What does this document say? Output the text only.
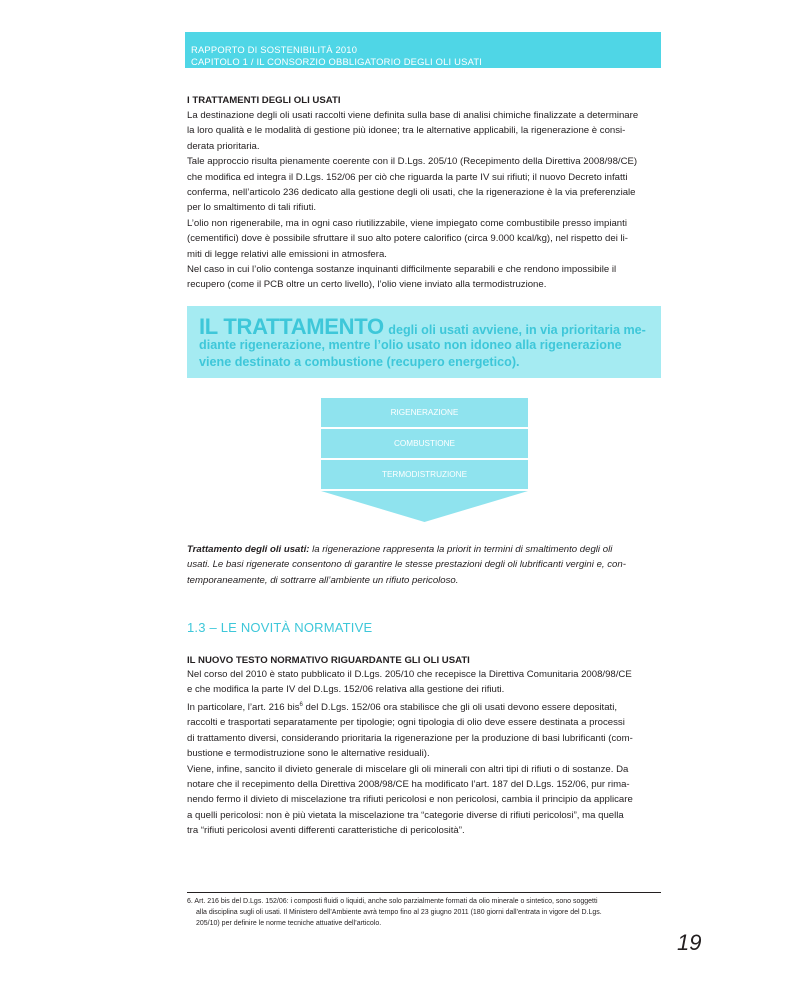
RAPPORTO DI SOSTENIBILITÀ 2010
CAPITOLO 1 / IL CONSORZIO OBBLIGATORIO DEGLI OLI USATI
I TRATTAMENTI DEGLI OLI USATI
La destinazione degli oli usati raccolti viene definita sulla base di analisi chimiche finalizzate a determinare
la loro qualità e le modalità di gestione più idonee; tra le alternative applicabili, la rigenerazione è consi-
derata prioritaria.
Tale approccio risulta pienamente coerente con il D.Lgs. 205/10 (Recepimento della Direttiva 2008/98/CE)
che modifica ed integra il D.Lgs. 152/06 per ciò che riguarda la parte IV sui rifiuti; il nuovo Decreto infatti
conferma, nell’articolo 236 dedicato alla gestione degli oli usati, che la rigenerazione è la via preferenziale
per lo smaltimento di tali rifiuti.
L’olio non rigenerabile, ma in ogni caso riutilizzabile, viene impiegato come combustibile presso impianti
(cementifici) dove è possibile sfruttare il suo alto potere calorifico (circa 9.000 kcal/kg), nel rispetto dei li-
miti di legge relativi alle emissioni in atmosfera.
Nel caso in cui l’olio contenga sostanze inquinanti difficilmente separabili e che rendono impossibile il
recupero (come il PCB oltre un certo livello), l’olio viene inviato alla termodistruzione.
IL TRATTAMENTO degli oli usati avviene, in via prioritaria me-
diante rigenerazione, mentre l’olio usato non idoneo alla rigenerazione
viene destinato a combustione (recupero energetico).
RIGENERAZIONE
COMBUSTIONE
TERMODISTRUZIONE
Trattamento degli oli usati: la rigenerazione rappresenta la priorit in termini di smaltimento degli oli
usati. Le basi rigenerate consentono di garantire le stesse prestazioni degli oli lubrificanti vergini e, con-
temporaneamente, di sottrarre all’ambiente un rifiuto pericoloso.
1.3 – LE NOVITÀ NORMATIVE
IL NUOVO TESTO NORMATIVO RIGUARDANTE GLI OLI USATI
Nel corso del 2010 è stato pubblicato il D.Lgs. 205/10 che recepisce la Direttiva Comunitaria 2008/98/CE
e che modifica la parte IV del D.Lgs. 152/06 relativa alla gestione dei rifiuti.
In particolare, l’art. 216 bis$^6$ del D.Lgs. 152/06 ora stabilisce che gli oli usati devono essere depositati,
raccolti e trasportati separatamente per tipologie; ogni tipologia di olio deve essere destinata a processi
di trattamento diversi, considerando prioritaria la rigenerazione per la produzione di basi lubrificanti (com-
bustione e termodistruzione sono le alternative residuali).
Viene, infine, sancito il divieto generale di miscelare gli oli minerali con altri tipi di rifiuti o di sostanze. Da
notare che il recepimento della Direttiva 2008/98/CE ha modificato l’art. 187 del D.Lgs. 152/06, pur rima-
nendo fermo il divieto di miscelazione tra rifiuti pericolosi e non pericolosi, cambia il principio da applicare
a quelli pericolosi: non è più vietata la miscelazione tra “categorie diverse di rifiuti pericolosi”, ma quella
tra “rifiuti pericolosi aventi differenti caratteristiche di pericolosità”.
6. Art. 216 bis del D.Lgs. 152/06: i composti fluidi o liquidi, anche solo parzialmente formati da olio minerale o sintetico, sono soggetti
alla disciplina sugli oli usati. Il Ministero dell’Ambiente avrà tempo fino al 23 giugno 2011 (180 giorni dall’entrata in vigore del D.Lgs.
205/10) per definire le norme tecniche attuative dell’articolo.
19
